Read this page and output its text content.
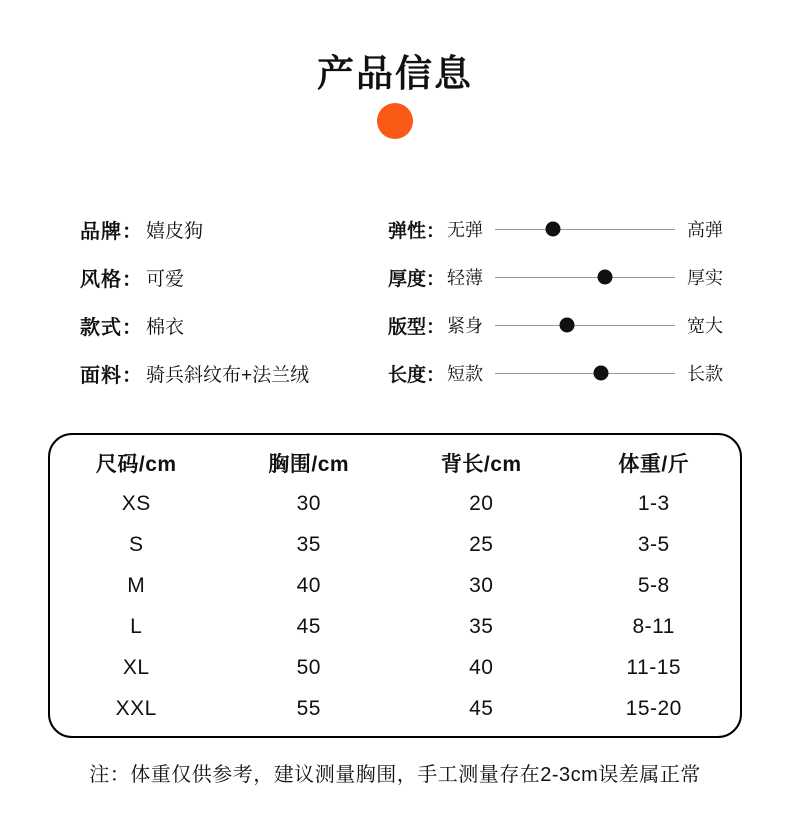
产品信息
品牌： 嬉皮狗
风格： 可爱
款式： 棉衣
面料： 骑兵斜纹布+法兰绒
弹性： 无弹	高弹
厚度： 轻薄	厚实
版型： 紧身	宽大
长度： 短款	长款
尺码/cm	胸围/cm	背长/cm	体重/斤
XS	30	20	1-3
S	35	25	3-5
M	40	30	5-8
L	45	35	8-11
XL	50	40	11-15
XXL	55	45	15-20

注：体重仅供参考，建议测量胸围，手工测量存在2-3cm误差属正常
